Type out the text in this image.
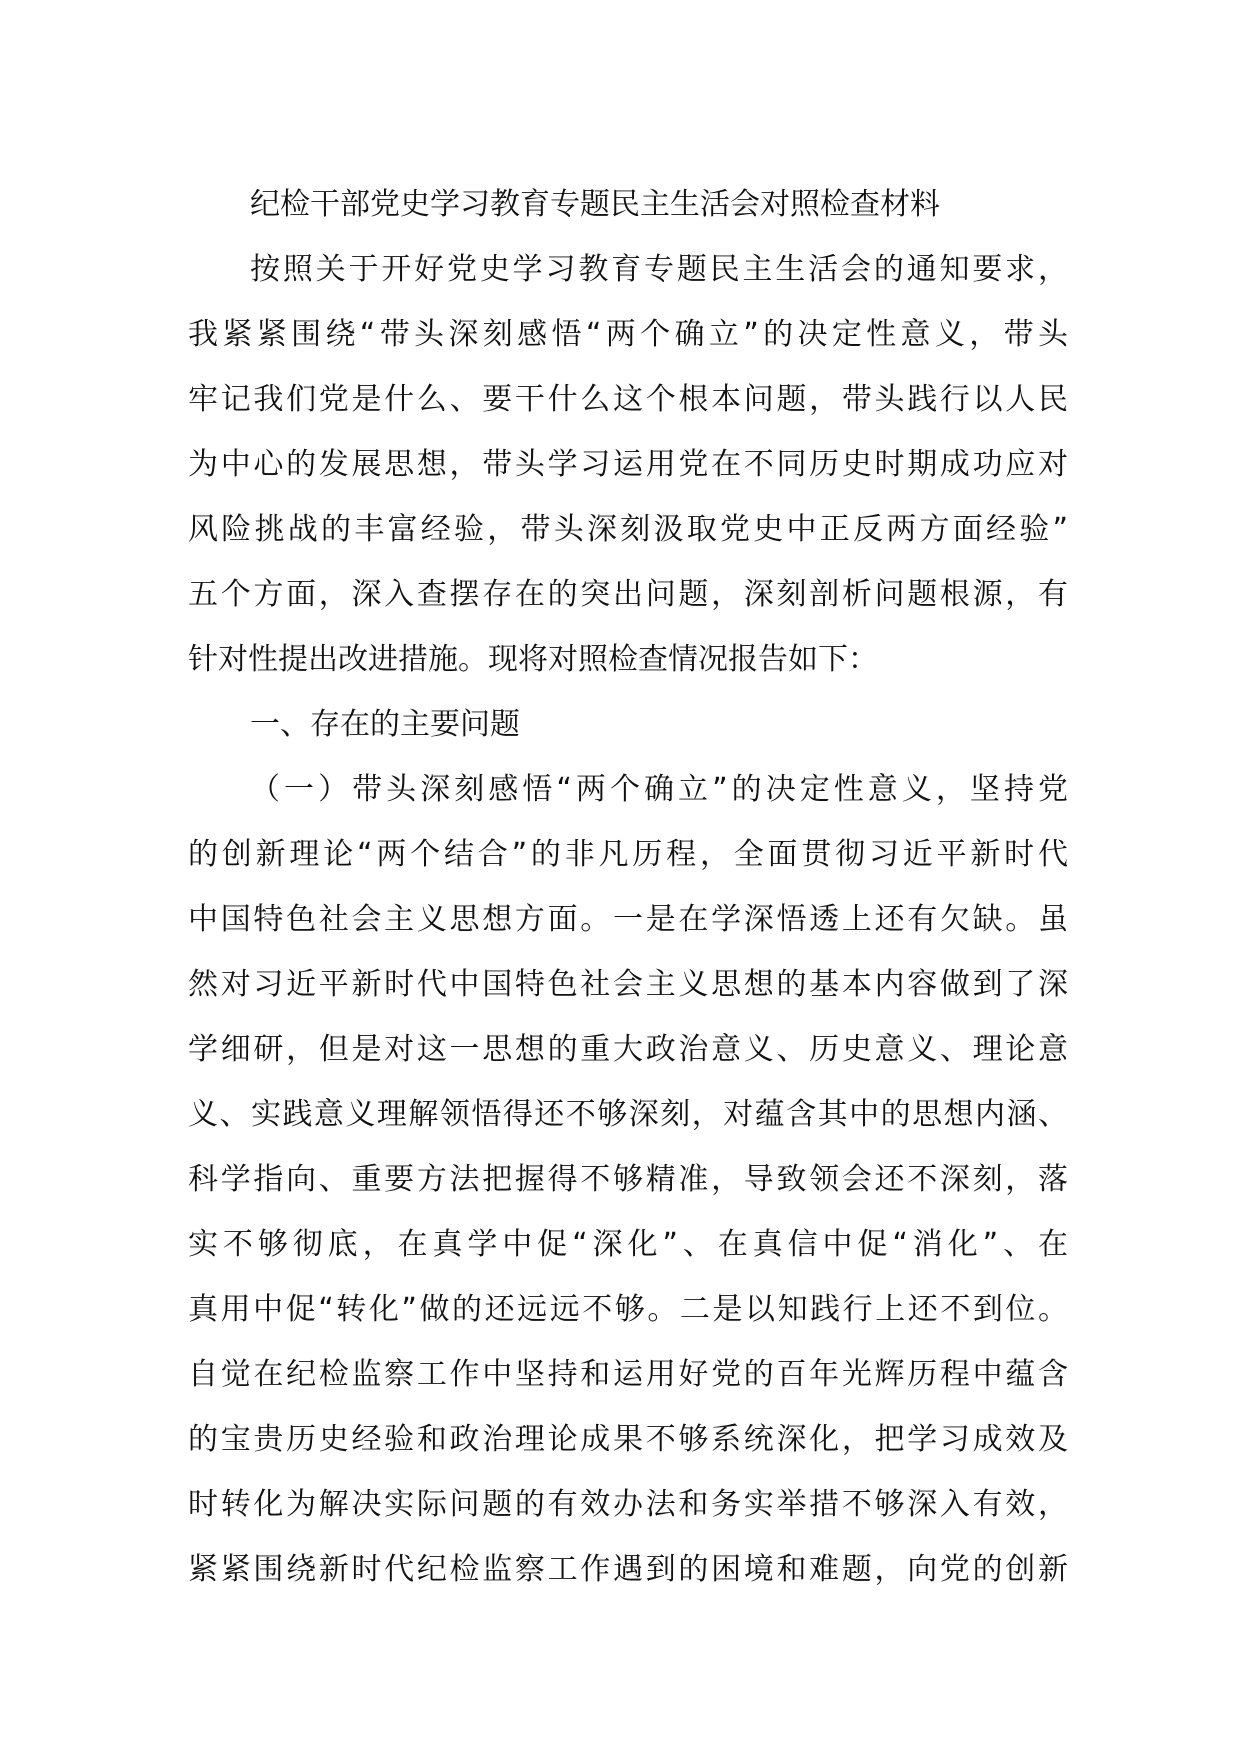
纪检干部党史学习教育专题民主生活会对照检查材料
按照关于开好党史学习教育专题民主生活会的通知要求，
我紧紧围绕“带头深刻感悟“两个确立”的决定性意义，带头
牢记我们党是什么、要干什么这个根本问题，带头践行以人民
为中心的发展思想，带头学习运用党在不同历史时期成功应对
风险挑战的丰富经验，带头深刻汲取党史中正反两方面经验”
五个方面，深入查摆存在的突出问题，深刻剖析问题根源，有
针对性提出改进措施。现将对照检查情况报告如下：
一、存在的主要问题
（一）带头深刻感悟“两个确立”的决定性意义，坚持党
的创新理论“两个结合”的非凡历程，全面贯彻习近平新时代
中国特色社会主义思想方面。一是在学深悟透上还有欠缺。虽
然对习近平新时代中国特色社会主义思想的基本内容做到了深
学细研，但是对这一思想的重大政治意义、历史意义、理论意
义、实践意义理解领悟得还不够深刻，对蕴含其中的思想内涵、
科学指向、重要方法把握得不够精准，导致领会还不深刻，落
实不够彻底，在真学中促“深化”、在真信中促“消化”、在
真用中促“转化”做的还远远不够。二是以知践行上还不到位。
自觉在纪检监察工作中坚持和运用好党的百年光辉历程中蕴含
的宝贵历史经验和政治理论成果不够系统深化，把学习成效及
时转化为解决实际问题的有效办法和务实举措不够深入有效，
紧紧围绕新时代纪检监察工作遇到的困境和难题，向党的创新
